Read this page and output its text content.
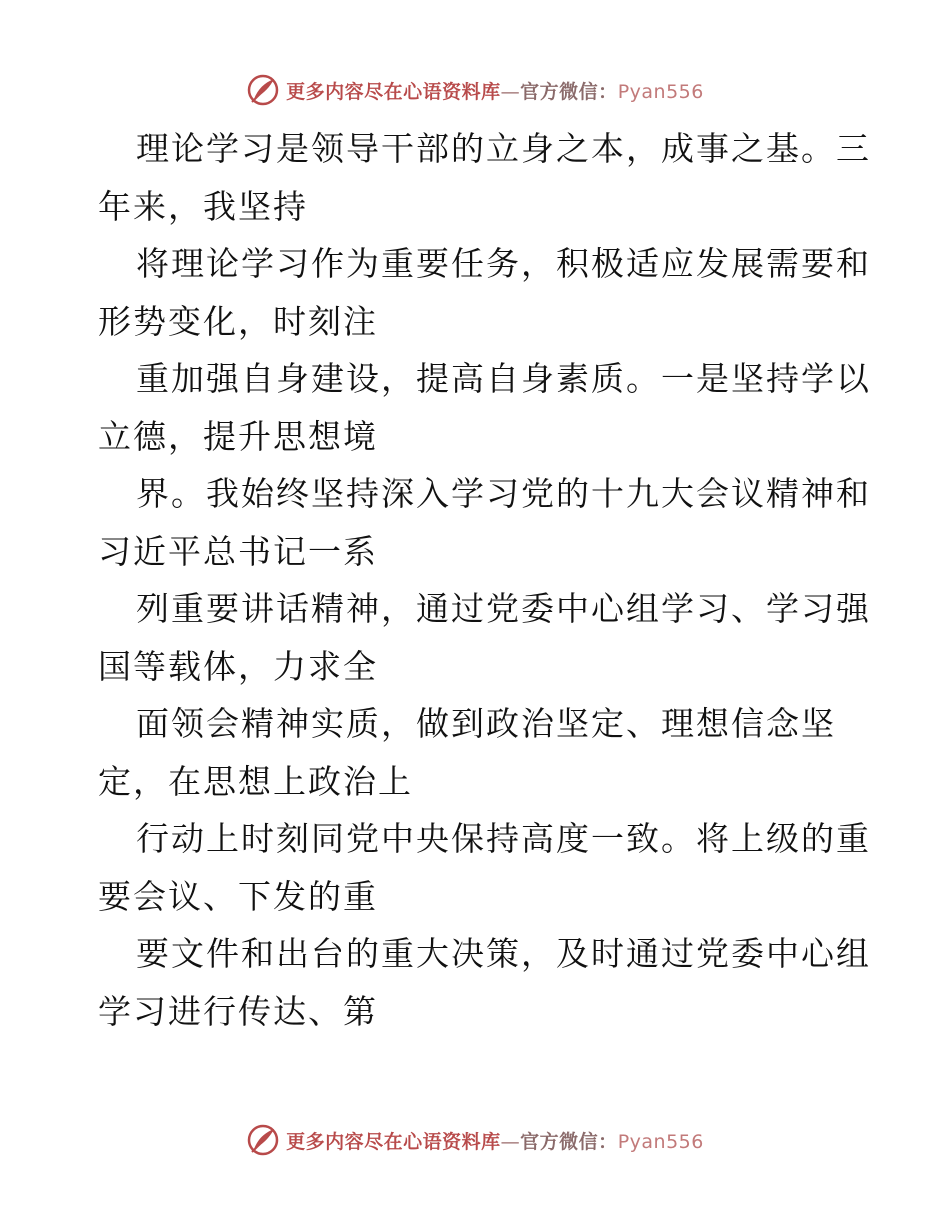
更多内容尽在心语资料库—官方微信：Pyan556

理论学习是领导干部的立身之本，成事之基。三
年来，我坚持

将理论学习作为重要任务，积极适应发展需要和
形势变化，时刻注

重加强自身建设，提高自身素质。一是坚持学以
立德，提升思想境

界。我始终坚持深入学习党的十九大会议精神和
习近平总书记一系

列重要讲话精神，通过党委中心组学习、学习强
国等载体，力求全

面领会精神实质，做到政治坚定、理想信念坚
定，在思想上政治上

行动上时刻同党中央保持高度一致。将上级的重
要会议、下发的重

要文件和出台的重大决策，及时通过党委中心组
学习进行传达、第

更多内容尽在心语资料库—官方微信：Pyan556
